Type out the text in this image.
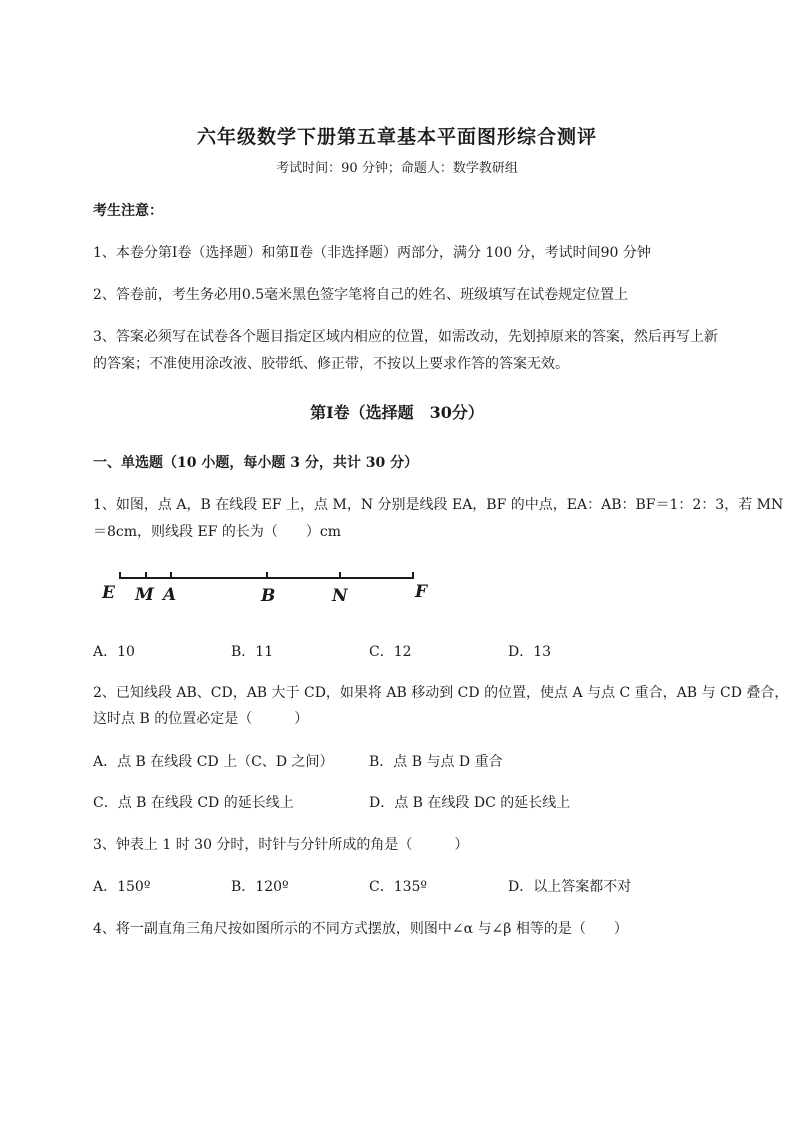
六年级数学下册第五章基本平面图形综合测评
考试时间：90 分钟；命题人：数学教研组
考生注意：
1、本卷分第Ⅰ卷（选择题）和第Ⅱ卷（非选择题）两部分，满分 100 分，考试时间90 分钟
2、答卷前，考生务必用0.5毫米黑色签字笔将自己的姓名、班级填写在试卷规定位置上
3、答案必须写在试卷各个题目指定区域内相应的位置，如需改动，先划掉原来的答案，然后再写上新
的答案；不准使用涂改液、胶带纸、修正带，不按以上要求作答的答案无效。
第Ⅰ卷（选择题　30分）
一、单选题（10 小题，每小题 3 分，共计 30 分）
1、如图，点 A，B 在线段 EF 上，点 M，N 分别是线段 EA，BF 的中点，EA：AB：BF＝1：2：3，若 MN
＝8cm，则线段 EF 的长为（　　）cm
E M A	B	N	F
A．10	B．11	C．12	D．13
2、已知线段 AB、CD，AB 大于 CD，如果将 AB 移动到 CD 的位置，使点 A 与点 C 重合，AB 与 CD 叠合，
这时点 B 的位置必定是（　　　）
A．点 B 在线段 CD 上（C、D 之间）	B．点 B 与点 D 重合
C．点 B 在线段 CD 的延长线上	D．点 B 在线段 DC 的延长线上
3、钟表上 1 时 30 分时，时针与分针所成的角是（　　　）
A．150º	B．120º	C．135º	D．以上答案都不对
4、将一副直角三角尺按如图所示的不同方式摆放，则图中∠α 与∠β 相等的是（　　）
